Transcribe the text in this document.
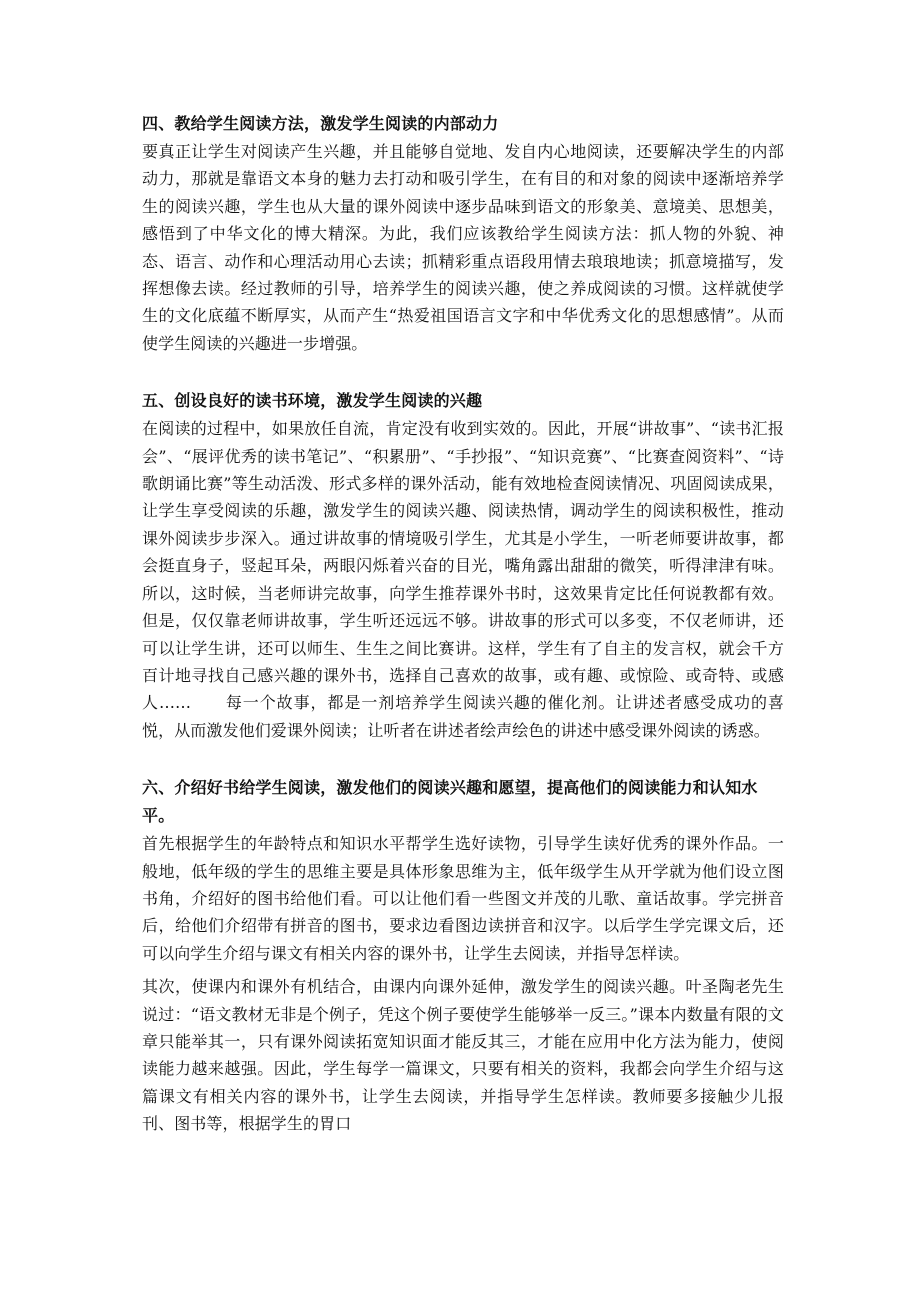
四、教给学生阅读方法，激发学生阅读的内部动力

要真正让学生对阅读产生兴趣，并且能够自觉地、发自内心地阅读，还要解决学生的内部动力，那就是靠语文本身的魅力去打动和吸引学生，在有目的和对象的阅读中逐渐培养学生的阅读兴趣，学生也从大量的课外阅读中逐步品味到语文的形象美、意境美、思想美，感悟到了中华文化的博大精深。为此，我们应该教给学生阅读方法：抓人物的外貌、神态、语言、动作和心理活动用心去读；抓精彩重点语段用情去琅琅地读；抓意境描写，发挥想像去读。经过教师的引导，培养学生的阅读兴趣，使之养成阅读的习惯。这样就使学生的文化底蕴不断厚实，从而产生“热爱祖国语言文字和中华优秀文化的思想感情”。从而使学生阅读的兴趣进一步增强。

五、创设良好的读书环境，激发学生阅读的兴趣

在阅读的过程中，如果放任自流，肯定没有收到实效的。因此，开展“讲故事”、“读书汇报会”、“展评优秀的读书笔记”、“积累册”、“手抄报”、“知识竞赛”、“比赛查阅资料”、“诗歌朗诵比赛”等生动活泼、形式多样的课外活动，能有效地检查阅读情况、巩固阅读成果，让学生享受阅读的乐趣，激发学生的阅读兴趣、阅读热情，调动学生的阅读积极性，推动课外阅读步步深入。通过讲故事的情境吸引学生，尤其是小学生，一听老师要讲故事，都会挺直身子，竖起耳朵，两眼闪烁着兴奋的目光，嘴角露出甜甜的微笑，听得津津有味。所以，这时候，当老师讲完故事，向学生推荐课外书时，这效果肯定比任何说教都有效。但是，仅仅靠老师讲故事，学生听还远远不够。讲故事的形式可以多变，不仅老师讲，还可以让学生讲，还可以师生、生生之间比赛讲。这样，学生有了自主的发言权，就会千方百计地寻找自己感兴趣的课外书，选择自己喜欢的故事，或有趣、或惊险、或奇特、或感人……　　每一个故事，都是一剂培养学生阅读兴趣的催化剂。让讲述者感受成功的喜悦，从而激发他们爱课外阅读；让听者在讲述者绘声绘色的讲述中感受课外阅读的诱惑。

六、介绍好书给学生阅读，激发他们的阅读兴趣和愿望，提高他们的阅读能力和认知水平。

首先根据学生的年龄特点和知识水平帮学生选好读物，引导学生读好优秀的课外作品。一般地，低年级的学生的思维主要是具体形象思维为主，低年级学生从开学就为他们设立图书角，介绍好的图书给他们看。可以让他们看一些图文并茂的儿歌、童话故事。学完拼音后，给他们介绍带有拼音的图书，要求边看图边读拼音和汉字。以后学生学完课文后，还可以向学生介绍与课文有相关内容的课外书，让学生去阅读，并指导怎样读。

其次，使课内和课外有机结合，由课内向课外延伸，激发学生的阅读兴趣。叶圣陶老先生说过：“语文教材无非是个例子，凭这个例子要使学生能够举一反三。”课本内数量有限的文章只能举其一，只有课外阅读拓宽知识面才能反其三，才能在应用中化方法为能力，使阅读能力越来越强。因此，学生每学一篇课文，只要有相关的资料，我都会向学生介绍与这篇课文有相关内容的课外书，让学生去阅读，并指导学生怎样读。教师要多接触少儿报刊、图书等，根据学生的胃口
